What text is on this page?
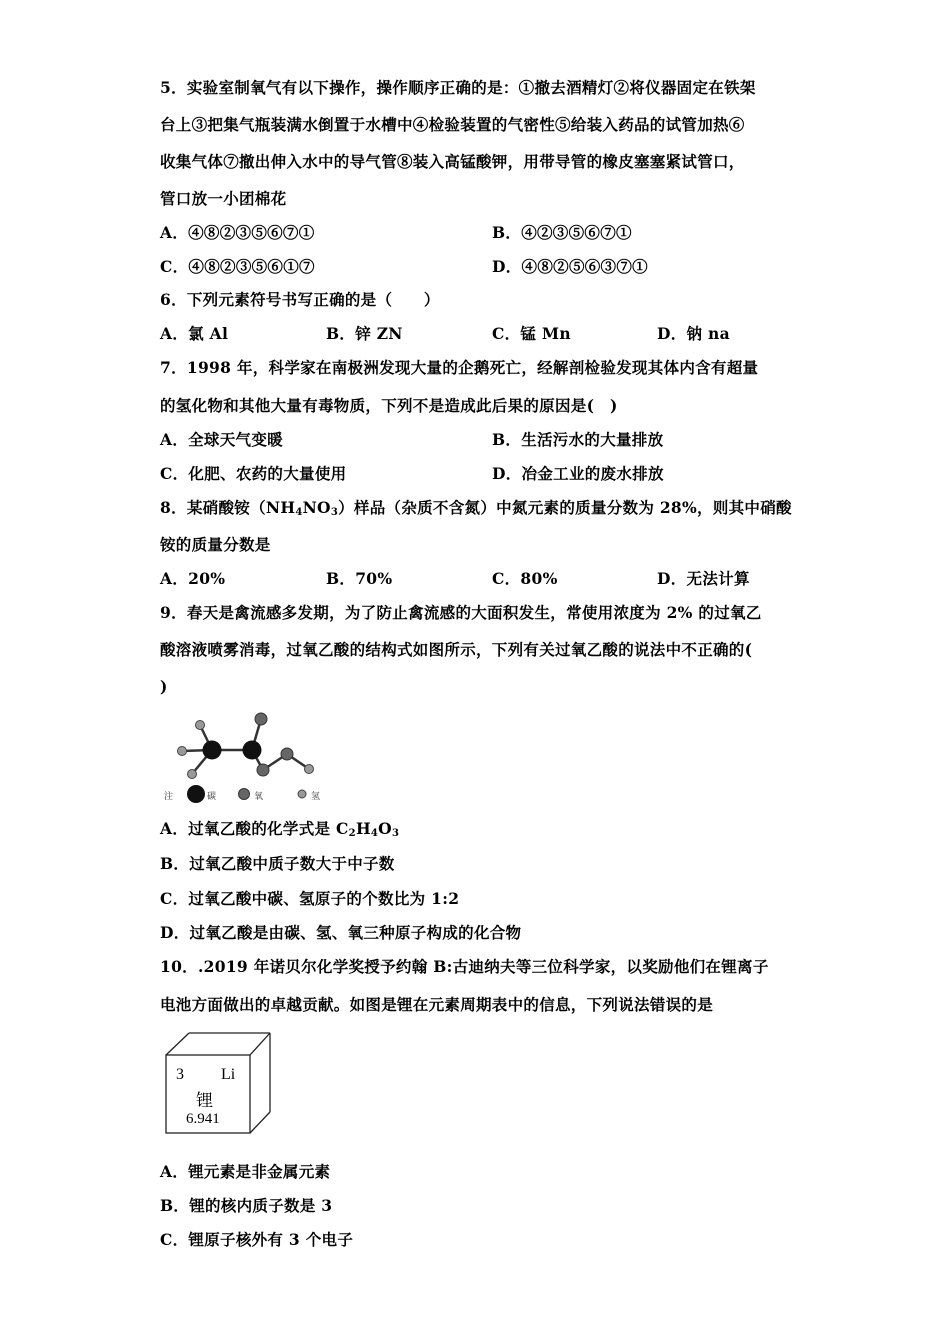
5．实验室制氧气有以下操作，操作顺序正确的是：①撤去酒精灯②将仪器固定在铁架
台上③把集气瓶装满水倒置于水槽中④检验装置的气密性⑤给装入药品的试管加热⑥
收集气体⑦撤出伸入水中的导气管⑧装入高锰酸钾，用带导管的橡皮塞塞紧试管口，
管口放一小团棉花
A．④⑧②③⑤⑥⑦①	B．④②③⑤⑥⑦①
C．④⑧②③⑤⑥①⑦	D．④⑧②⑤⑥③⑦①
6．下列元素符号书写正确的是（　　）
A．氯 Al	B．锌 ZN	C．锰 Mn	D．钠 na
7．1998 年，科学家在南极洲发现大量的企鹅死亡，经解剖检验发现其体内含有超量
的氢化物和其他大量有毒物质，下列不是造成此后果的原因是(　)
A．全球天气变暖	B．生活污水的大量排放
C．化肥、农药的大量使用	D．冶金工业的废水排放
8．某硝酸铵$(NH_4NO_3)$样品（杂质不含氮）中氮元素的质量分数为 28%，则其中硝酸
铵的质量分数是
A．20%	B．70%	C．80%	D．无法计算
9．春天是禽流感多发期，为了防止禽流感的大面积发生，常使用浓度为 2% 的过氧乙
酸溶液喷雾消毒，过氧乙酸的结构式如图所示，下列有关过氧乙酸的说法中不正确的(
)
注	碳	氧	氢
A．过氧乙酸的化学式是 $C_2H_4O_3$
B．过氧乙酸中质子数大于中子数
C．过氧乙酸中碳、氢原子的个数比为 1:2
D．过氧乙酸是由碳、氢、氧三种原子构成的化合物
10．.2019 年诺贝尔化学奖授予约翰 B:古迪纳夫等三位科学家，以奖励他们在锂离子
电池方面做出的卓越贡献。如图是锂在元素周期表中的信息，下列说法错误的是
3 Li
锂
6.941
A．锂元素是非金属元素
B．锂的核内质子数是 3
C．锂原子核外有 3 个电子
